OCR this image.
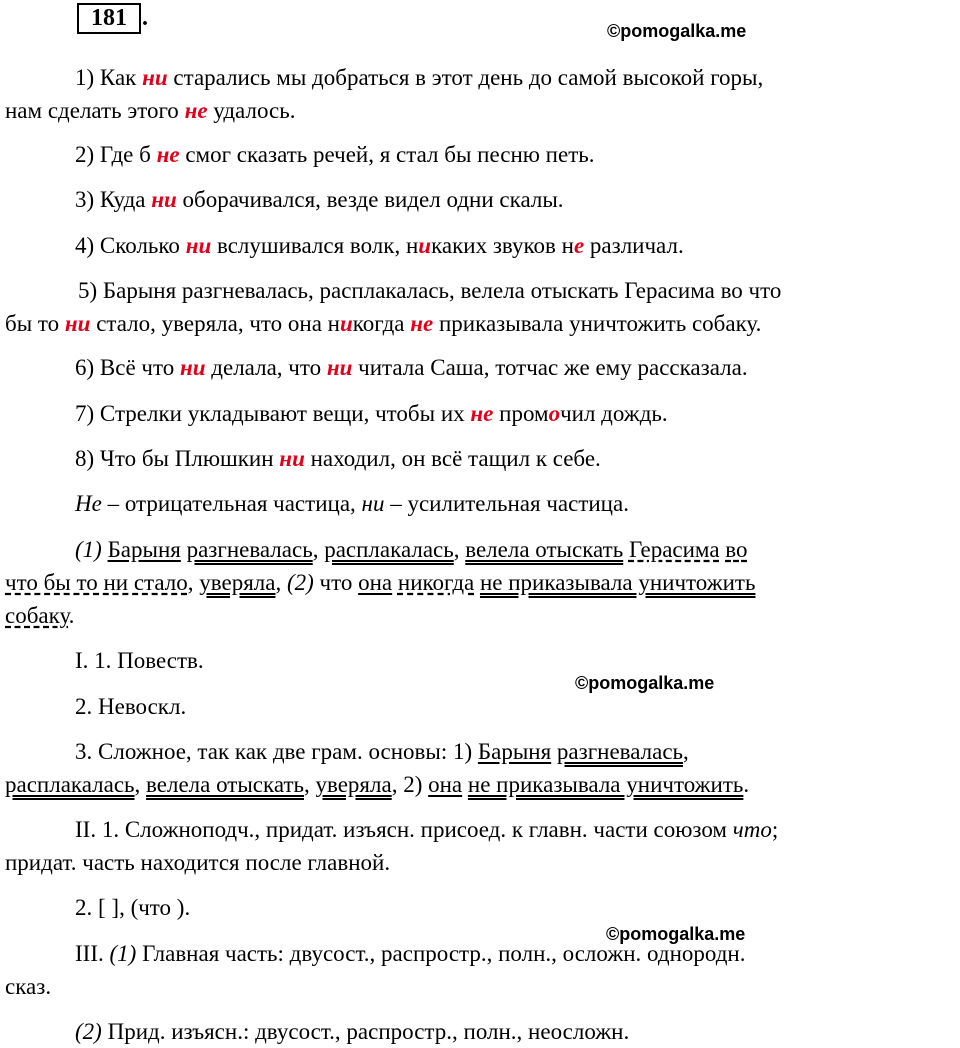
181 .	©pomogalka.me
©pomogalka.me
©pomogalka.me
1) Как ни старались мы добраться в этот день до самой высокой горы,
нам сделать этого не удалось.
2) Где б не смог сказать речей, я стал бы песню петь.
3) Куда ни оборачивался, везде видел одни скалы.
4) Сколько ни вслушивался волк, никаких звуков не различал.
5) Барыня разгневалась, расплакалась, велела отыскать Герасима во что
бы то ни стало, уверяла, что она никогда не приказывала уничтожить собаку.
6) Всё что ни делала, что ни читала Саша, тотчас же ему рассказала.
7) Стрелки укладывают вещи, чтобы их не промочил дождь.
8) Что бы Плюшкин ни находил, он всё тащил к себе.
Не – отрицательная частица, ни – усилительная частица.
(1) Барыня разгневалась, расплакалась, велела отыскать Герасима во
что бы то ни стало, уверяла, (2) что она никогда не приказывала уничтожить
собаку.
I. 1. Повеств.
2. Невоскл.
3. Сложное, так как две грам. основы: 1) Барыня разгневалась,
расплакалась, велела отыскать, уверяла, 2) она не приказывала уничтожить.
II. 1. Сложноподч., придат. изъясн. присоед. к главн. части союзом что;
придат. часть находится после главной.
2. [ ], (что ).
III. (1) Главная часть: двусост., распростр., полн., осложн. однородн.
сказ.
(2) Прид. изъясн.: двусост., распростр., полн., неосложн.
